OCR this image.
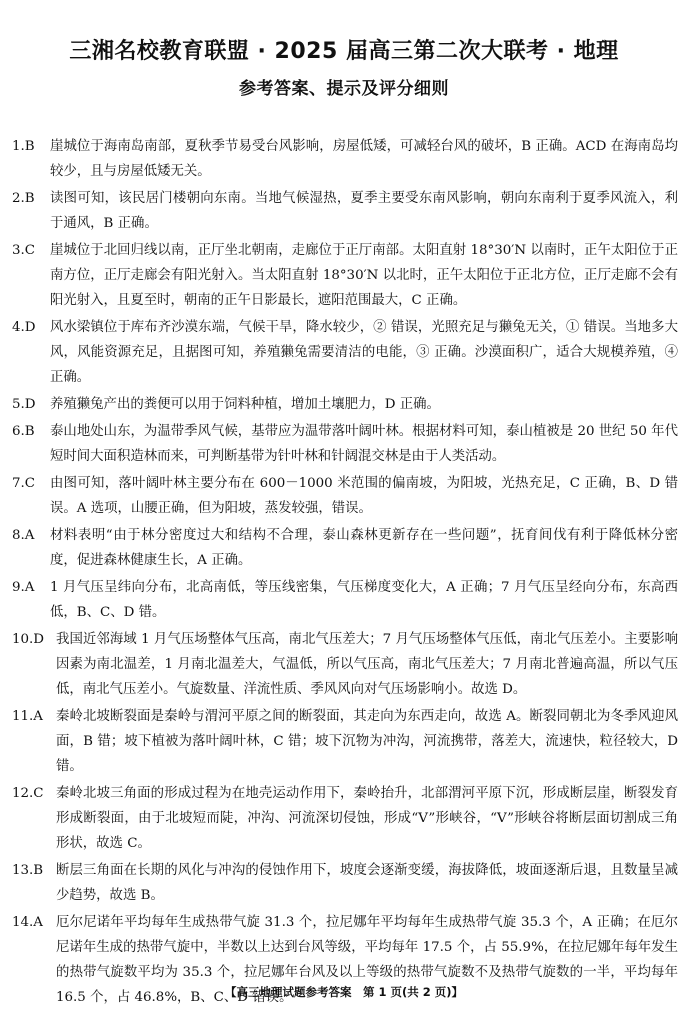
三湘名校教育联盟 · 2025 届高三第二次大联考 · 地理
参考答案、提示及评分细则
1.B	崖城位于海南岛南部，夏秋季节易受台风影响，房屋低矮，可减轻台风的破坏，B 正确。ACD 在海南岛均较少，且与房屋低矮无关。
2.B	读图可知，该民居门楼朝向东南。当地气候湿热，夏季主要受东南风影响，朝向东南利于夏季风流入，利于通风，B 正确。
3.C	崖城位于北回归线以南，正厅坐北朝南，走廊位于正厅南部。太阳直射 18°30′N 以南时，正午太阳位于正南方位，正厅走廊会有阳光射入。当太阳直射 18°30′N 以北时，正午太阳位于正北方位，正厅走廊不会有阳光射入，且夏至时，朝南的正午日影最长，遮阳范围最大，C 正确。
4.D	风水梁镇位于库布齐沙漠东端，气候干旱，降水较少，② 错误，光照充足与獭兔无关，① 错误。当地多大风，风能资源充足，且据图可知，养殖獭兔需要清洁的电能，③ 正确。沙漠面积广，适合大规模养殖，④ 正确。
5.D	养殖獭兔产出的粪便可以用于饲料种植，增加土壤肥力，D 正确。
6.B	泰山地处山东，为温带季风气候，基带应为温带落叶阔叶林。根据材料可知，泰山植被是 20 世纪 50 年代短时间大面积造林而来，可判断基带为针叶林和针阔混交林是由于人类活动。
7.C	由图可知，落叶阔叶林主要分布在 600－1000 米范围的偏南坡，为阳坡，光热充足，C 正确，B、D 错误。A 选项，山腰正确，但为阳坡，蒸发较强，错误。
8.A	材料表明“由于林分密度过大和结构不合理，泰山森林更新存在一些问题”，抚育间伐有利于降低林分密度，促进森林健康生长，A 正确。
9.A	1 月气压呈纬向分布，北高南低，等压线密集，气压梯度变化大，A 正确；7 月气压呈经向分布，东高西低，B、C、D 错。
10.D 我国近邻海域 1 月气压场整体气压高，南北气压差大；7 月气压场整体气压低，南北气压差小。主要影响因素为南北温差，1 月南北温差大，气温低，所以气压高，南北气压差大；7 月南北普遍高温，所以气压低，南北气压差小。气旋数量、洋流性质、季风风向对气压场影响小。故选 D。
11.A 秦岭北坡断裂面是秦岭与渭河平原之间的断裂面，其走向为东西走向，故选 A。断裂同朝北为冬季风迎风面，B 错；坡下植被为落叶阔叶林，C 错；坡下沉物为冲沟，河流携带，落差大，流速快，粒径较大，D 错。
12.C 秦岭北坡三角面的形成过程为在地壳运动作用下，秦岭抬升，北部渭河平原下沉，形成断层崖，断裂发育形成断裂面，由于北坡短而陡，冲沟、河流深切侵蚀，形成“V”形峡谷，“V”形峡谷将断层面切割成三角形状，故选 C。
13.B 断层三角面在长期的风化与冲沟的侵蚀作用下，坡度会逐渐变缓，海拔降低，坡面逐渐后退，且数量呈减少趋势，故选 B。
14.A 厄尔尼诺年平均每年生成热带气旋 31.3 个，拉尼娜年平均每年生成热带气旋 35.3 个，A 正确；在厄尔尼诺年生成的热带气旋中，半数以上达到台风等级，平均每年 17.5 个，占 55.9%，在拉尼娜年每年发生的热带气旋数平均为 35.3 个，拉尼娜年台风及以上等级的热带气旋数不及热带气旋数的一半，平均每年 16.5 个，占 46.8%，B、C、D 错误。
【高三地理试题参考答案　第 1 页(共 2 页)】
